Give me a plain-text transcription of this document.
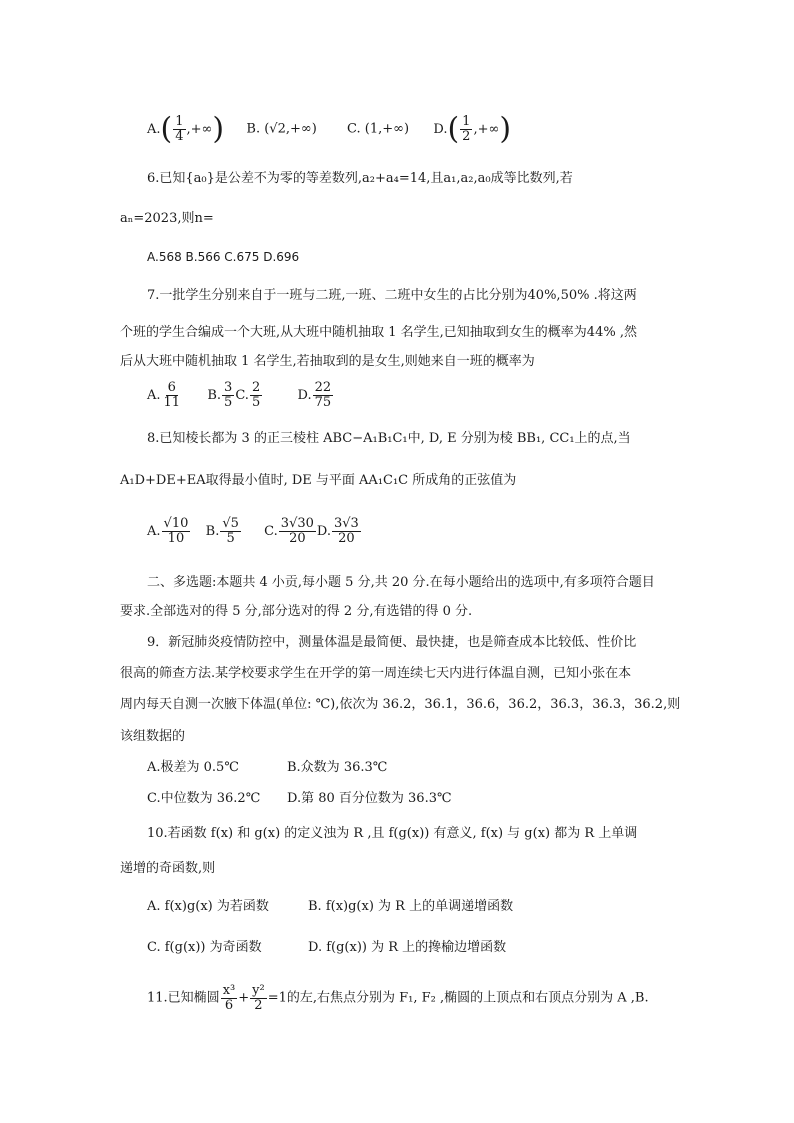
$A.( \frac{1}{4}$ ,+∞) B. (√2,+∞) C. (1,+∞) $D.( \frac{1}{2}$ ,+∞)
6.已知{a₀}是公差不为零的等差数列,a₂+a₄=14,且a₁,a₂,a₀成等比数列,若
aₙ=2023,则n=
A.568 B.566 C.675 D.696
7.一批学生分别来自于一班与二班,一班、二班中女生的占比分别为40%,50% .将这两
个班的学生合编成一个大班,从大班中随机抽取 1 名学生,已知抽取到女生的概率为44% ,然
后从大班中随机抽取 1 名学生,若抽取到的是女生,则她来自一班的概率为
A. $\frac{6}{11} B$. $\frac{3}{5} C$. $\frac{2}{5}$	D. $\frac{22}{75}$
8.已知棱长都为 3 的正三棱柱 ABC−A₁B₁C₁中, D, E 分别为棱 BB₁, CC₁上的点,当
A₁D+DE+EA取得最小值时, DE 与平面 AA₁C₁C 所成角的正弦值为
A. $\frac{√10}{10} B$. $\frac{√5}{5} C$. $\frac{3√30}{20} D$. $\frac{3√3}{20}$
二、多选题:本题共 4 小贡,每小题 5 分,共 20 分.在每小题给出的选项中,有多项符合题目
要求.全部选对的得 5 分,部分选对的得 2 分,有选错的得 0 分.
9．新冠肺炎疫情防控中，测量体温是最简便、最快捷，也是筛查成本比较低、性价比
很高的筛查方法.某学校要求学生在开学的第一周连续七天内进行体温自测，已知小张在本
周内每天自测一次腋下体温(单位: ℃),依次为 36.2，36.1，36.6，36.2，36.3，36.3，36.2,则
该组数据的
A.极差为 0.5℃	B.众数为 36.3℃
C.中位数为 36.2℃ D.第 80 百分位数为 36.3℃
10.若函数 f(x) 和 g(x) 的定义浊为 R ,且 f(g(x)) 有意义, f(x) 与 g(x) 都为 R 上单调
递增的奇函数,则
A. f(x)g(x) 为若函数	B. f(x)g(x) 为 R 上的单调递增函数
C. f(g(x)) 为奇函数	D. f(g(x)) 为 R 上的搀榆边增函数
11.已知椭圆 $\frac{\text{x³}}{6} + \frac{\text{y²}}{2} =1$的左,右焦点分别为 F₁, F₂ ,椭圆的上顶点和右顶点分别为 A ,B.
